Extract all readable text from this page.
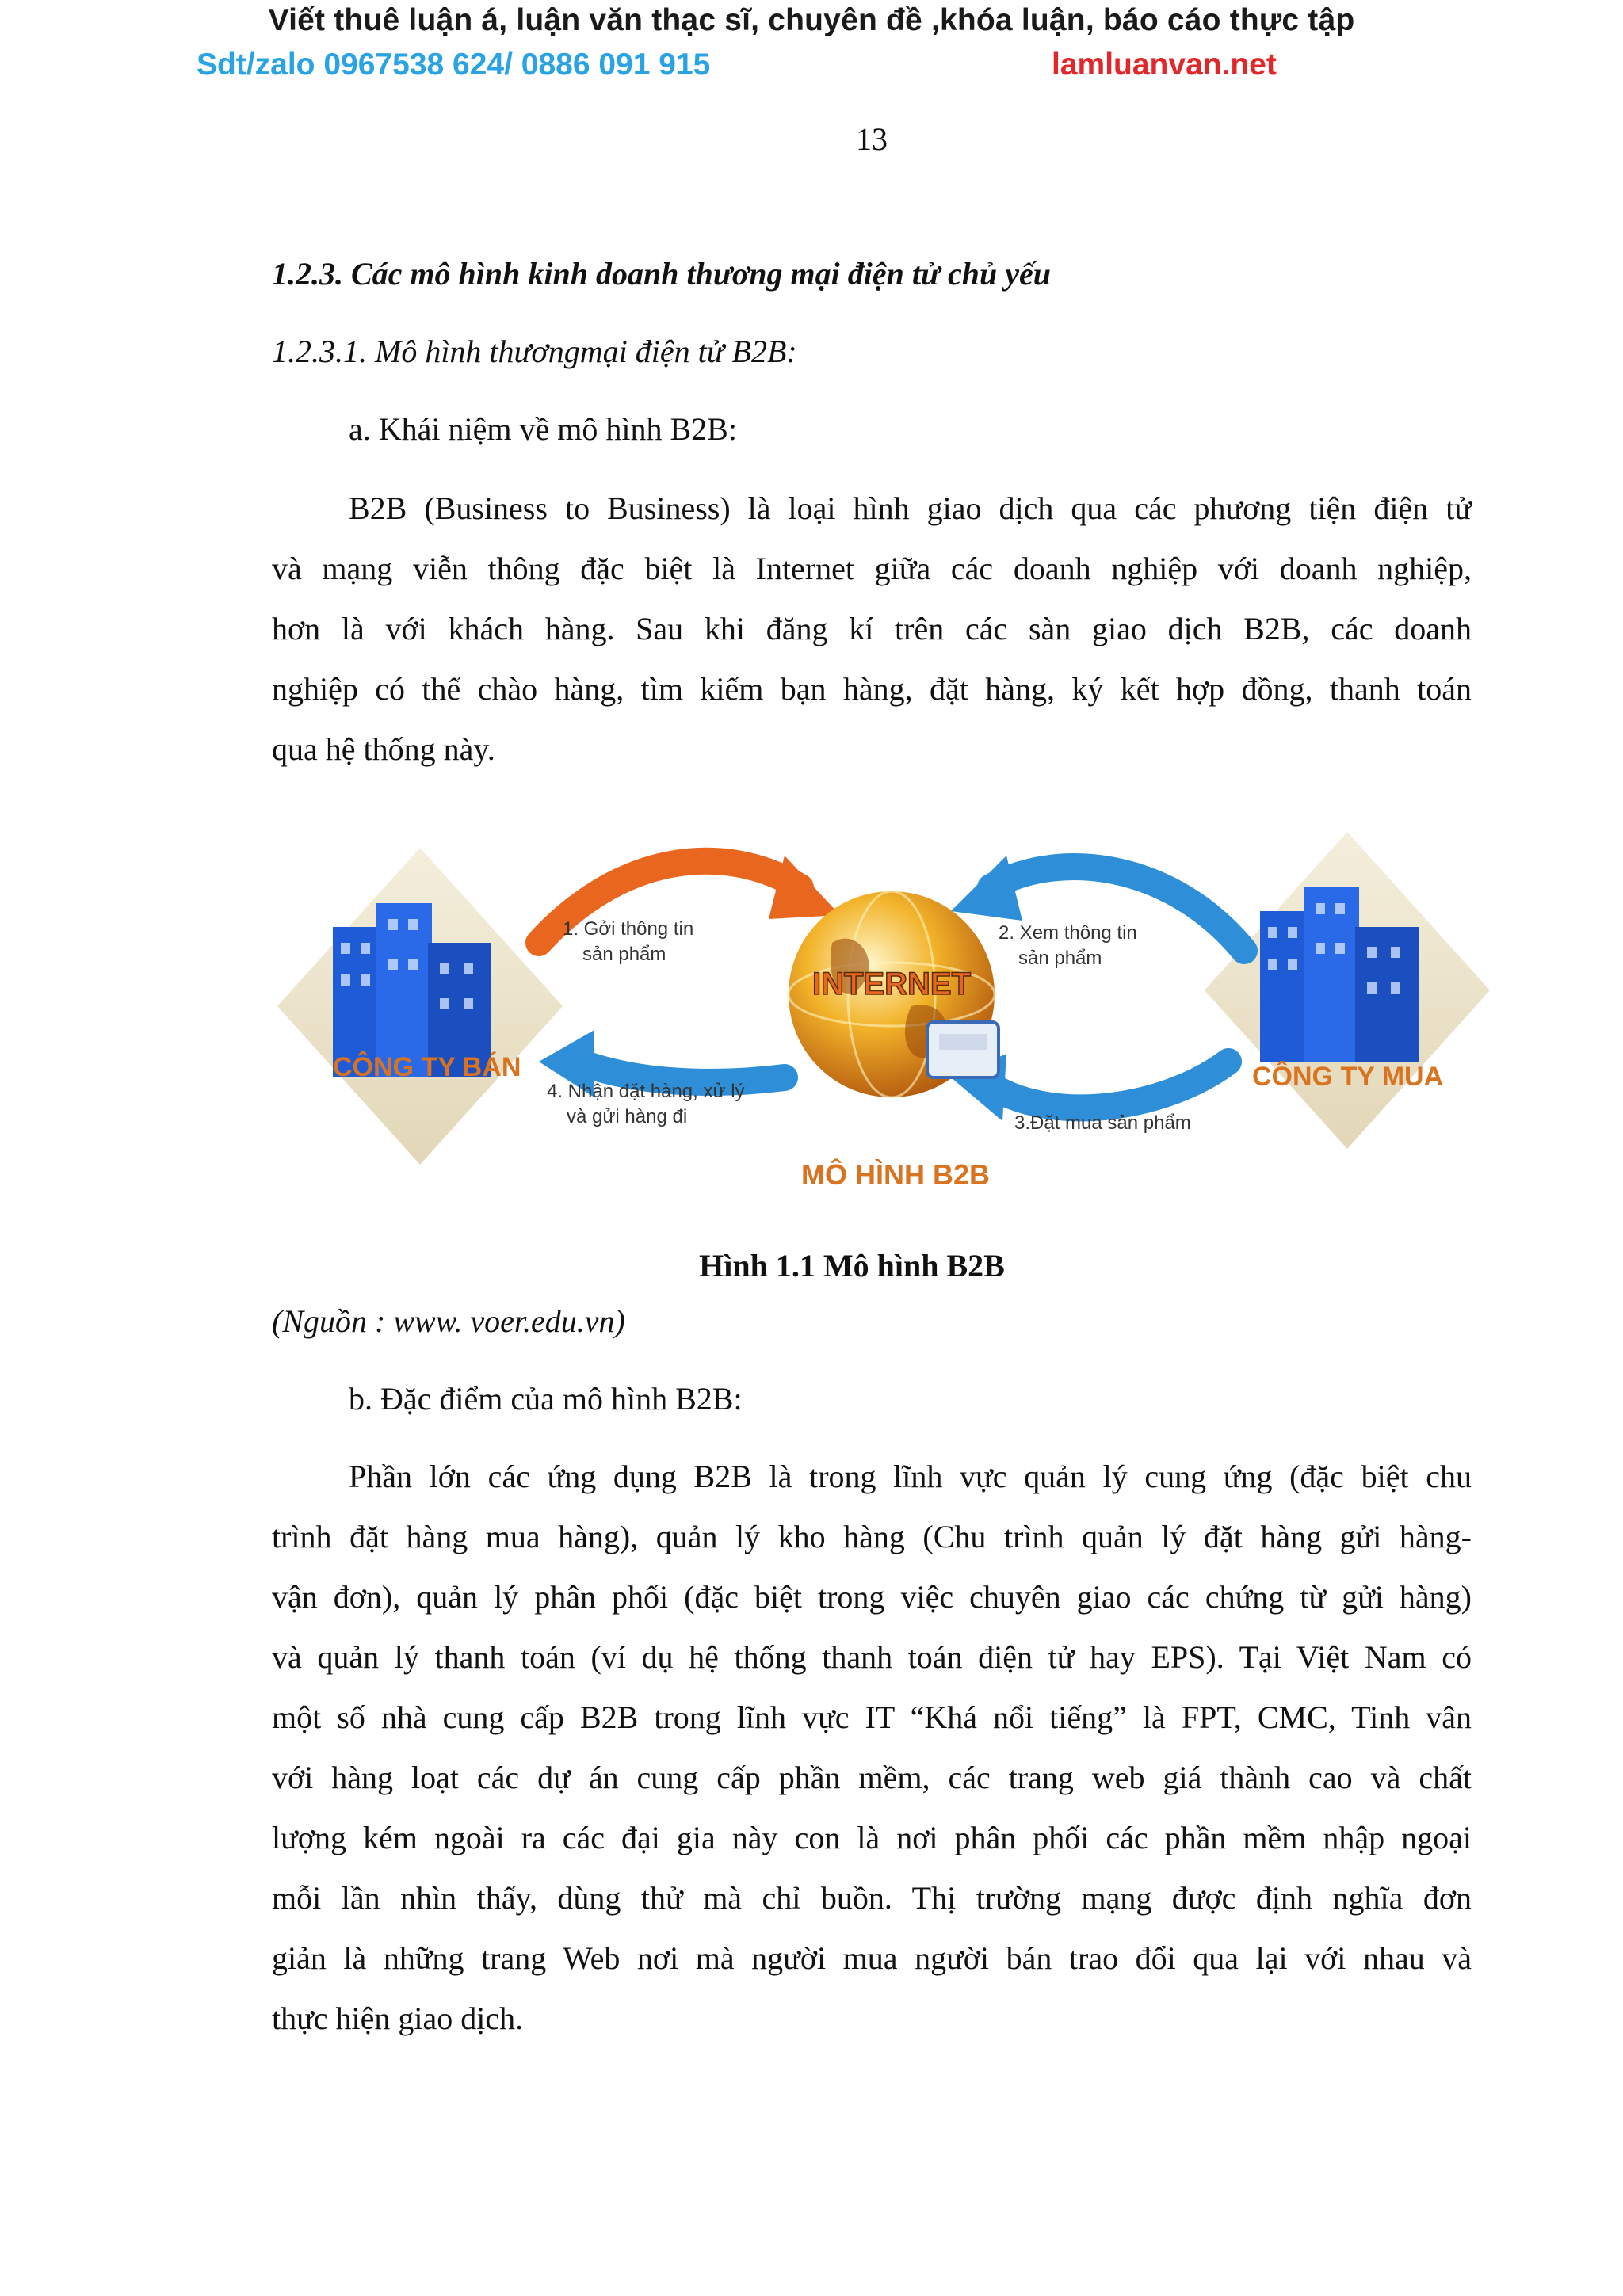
Viết thuê luận á, luận văn thạc sĩ, chuyên đề ,khóa luận, báo cáo thực tập
Sdt/zalo 0967538 624/ 0886 091 915	lamluanvan.net
13
1.2.3. Các mô hình kinh doanh thương mại điện tử chủ yếu
1.2.3.1. Mô hình thươngmại điện tử B2B:
a. Khái niệm về mô hình B2B:
B2B (Business to Business) là loại hình giao dịch qua các phương tiện điện tử
và mạng viễn thông đặc biệt là Internet giữa các doanh nghiệp với doanh nghiệp,
hơn là với khách hàng. Sau khi đăng kí trên các sàn giao dịch B2B, các doanh
nghiệp có thể chào hàng, tìm kiếm bạn hàng, đặt hàng, ký kết hợp đồng, thanh toán
qua hệ thống này.
CÔNG TY BÁN	CÔNG TY MUA
INTERNET
1. Gởi thông tin
sản phẩm
2. Xem thông tin
sản phẩm
4. Nhận đặt hàng, xử lý
và gửi hàng đi	3.Đặt mua sản phẩm
MÔ HÌNH B2B
Hình 1.1 Mô hình B2B
(Nguồn : www. voer.edu.vn)
b. Đặc điểm của mô hình B2B:
Phần lớn các ứng dụng B2B là trong lĩnh vực quản lý cung ứng (đặc biệt chu
trình đặt hàng mua hàng), quản lý kho hàng (Chu trình quản lý đặt hàng gửi hàng-
vận đơn), quản lý phân phối (đặc biệt trong việc chuyên giao các chứng từ gửi hàng)
và quản lý thanh toán (ví dụ hệ thống thanh toán điện tử hay EPS). Tại Việt Nam có
một số nhà cung cấp B2B trong lĩnh vực IT “Khá nổi tiếng” là FPT, CMC, Tinh vân
với hàng loạt các dự án cung cấp phần mềm, các trang web giá thành cao và chất
lượng kém ngoài ra các đại gia này con là nơi phân phối các phần mềm nhập ngoại
mỗi lần nhìn thấy, dùng thử mà chỉ buồn. Thị trường mạng được định nghĩa đơn
giản là những trang Web nơi mà người mua người bán trao đổi qua lại với nhau và
thực hiện giao dịch.
